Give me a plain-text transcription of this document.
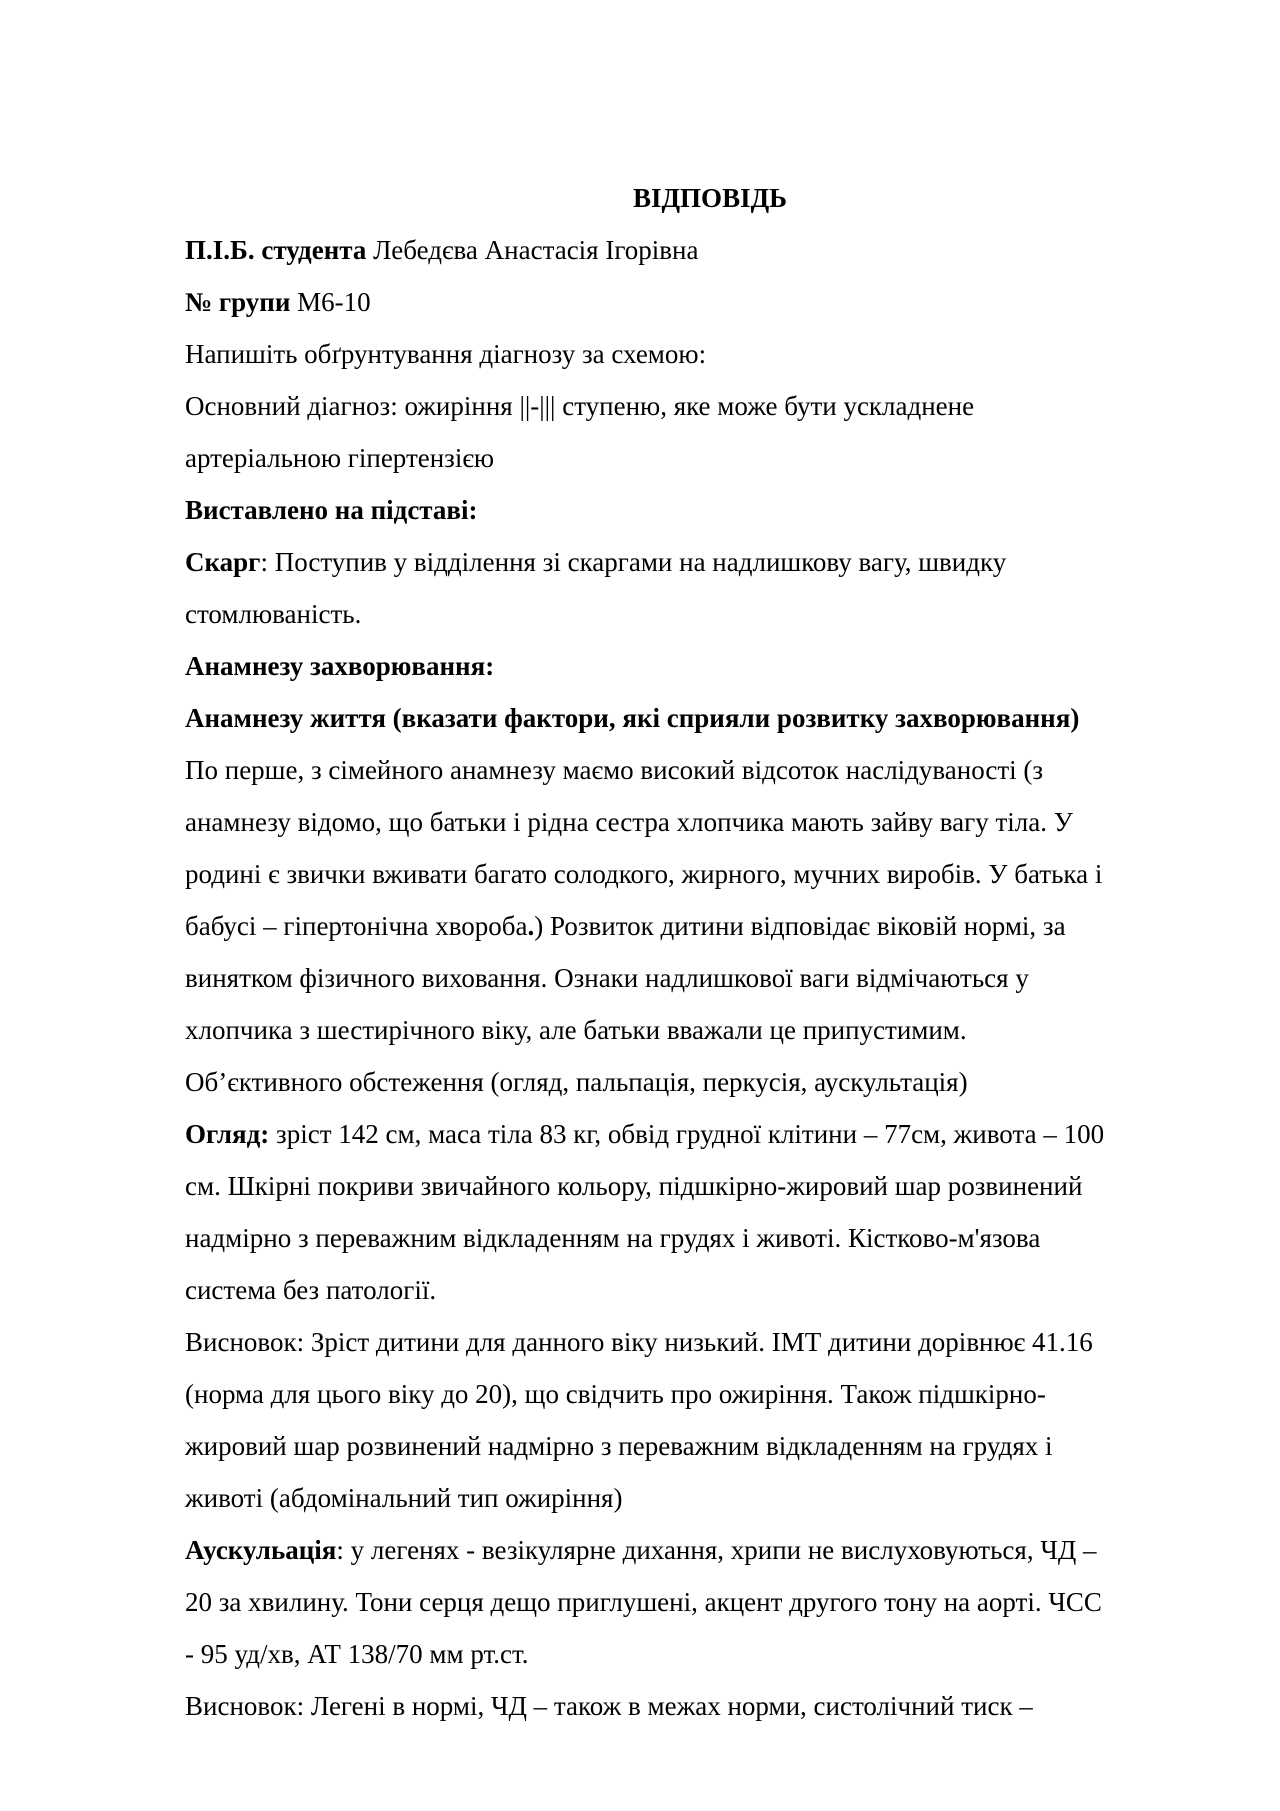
ВІДПОВІДЬ
П.І.Б. студента Лебедєва Анастасія Ігорівна
№ групи М6-10
Напишіть обґрунтування діагнозу за схемою:
Основний діагноз: ожиріння ||-||| ступеню, яке може бути ускладнене
артеріальною гіпертензією
Виставлено на підставі:
Скарг: Поступив у відділення зі скаргами на надлишкову вагу, швидку
стомлюваність.
Анамнезу захворювання:
Анамнезу життя (вказати фактори, які сприяли розвитку захворювання)
По перше, з сімейного анамнезу маємо високий відсоток наслідуваності (з
анамнезу відомо, що батьки і рідна сестра хлопчика мають зайву вагу тіла. У
родині є звички вживати багато солодкого, жирного, мучних виробів. У батька і
бабусі – гіпертонічна хвороба.) Розвиток дитини відповідає віковій нормі, за
винятком фізичного виховання. Ознаки надлишкової ваги відмічаються у
хлопчика з шестирічного віку, але батьки вважали це припустимим.
Об’єктивного обстеження (огляд, пальпація, перкусія, аускультація)
Огляд: зріст 142 см, маса тіла 83 кг, обвід грудної клітини – 77см, живота – 100
см. Шкірні покриви звичайного кольору, підшкірно-жировий шар розвинений
надмірно з переважним відкладенням на грудях і животі. Кістково-м'язова
система без патології.
Висновок: Зріст дитини для данного віку низький. ІМТ дитини дорівнює 41.16
(норма для цього віку до 20), що свідчить про ожиріння. Також підшкірно-
жировий шар розвинений надмірно з переважним відкладенням на грудях і
животі (абдомінальний тип ожиріння)
Аускульація: у легенях - везікулярне дихання, хрипи не вислуховуються, ЧД –
20 за хвилину. Тони серця дещо приглушені, акцент другого тону на аорті. ЧСС
- 95 уд/хв, АТ 138/70 мм рт.ст.
Висновок: Легені в нормі, ЧД – також в межах норми, систолічний тиск –
